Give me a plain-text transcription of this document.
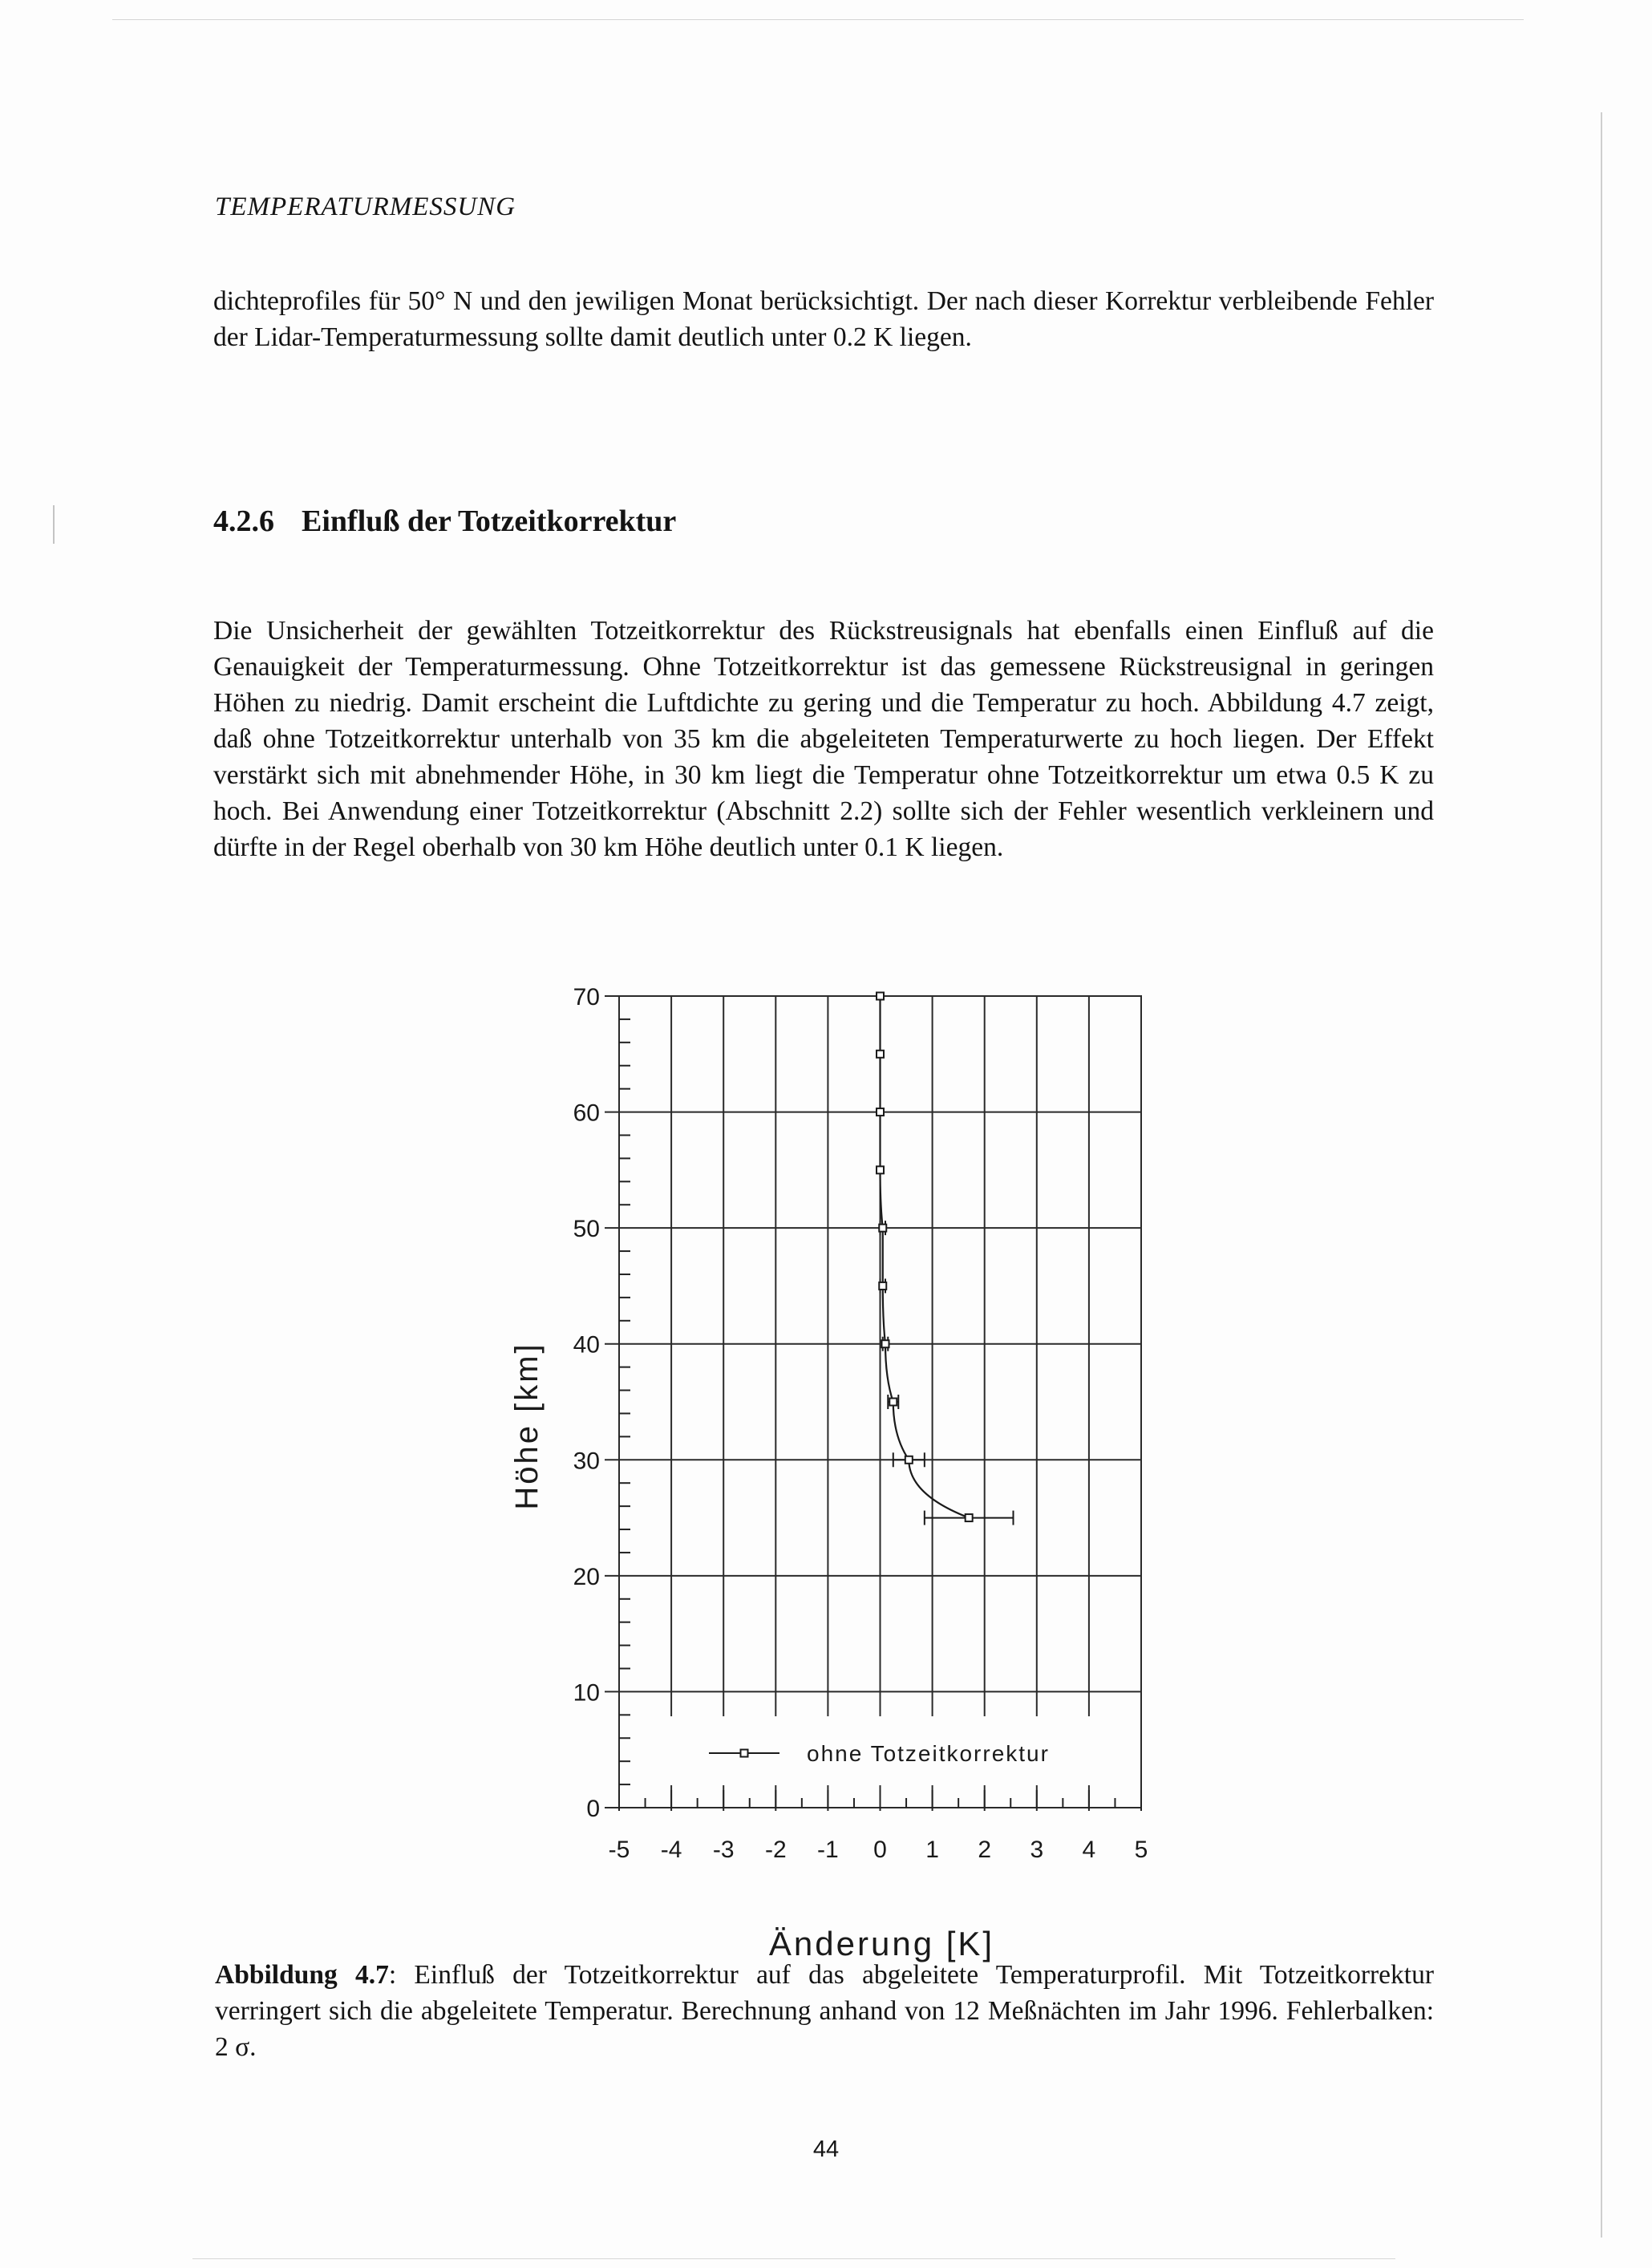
TEMPERATURMESSUNG

dichteprofiles für 50° N und den jewiligen Monat berücksichtigt. Der nach dieser Korrektur verbleibende Fehler der Lidar-Temperaturmessung sollte damit deutlich unter 0.2 K liegen.

4.2.6 Einfluß der Totzeitkorrektur

Die Unsicherheit der gewählten Totzeitkorrektur des Rückstreusignals hat ebenfalls einen Einfluß auf die Genauigkeit der Temperaturmessung. Ohne Totzeitkorrektur ist das gemessene Rückstreusignal in geringen Höhen zu niedrig. Damit erscheint die Luftdichte zu gering und die Temperatur zu hoch. Abbildung 4.7 zeigt, daß ohne Totzeitkorrektur unterhalb von 35 km die abgeleiteten Temperaturwerte zu hoch liegen. Der Effekt verstärkt sich mit abnehmender Höhe, in 30 km liegt die Temperatur ohne Totzeitkorrektur um etwa 0.5 K zu hoch. Bei Anwendung einer Totzeitkorrektur (Abschnitt 2.2) sollte sich der Fehler wesentlich verkleinern und dürfte in der Regel oberhalb von 30 km Höhe deutlich unter 0.1 K liegen.

0
10
20
30
40
50
60
70
-5 -4 -3 -2 -1 0 1 2 3 4 5
ohne Totzeitkorrektur
Höhe [km]
Änderung [K]

Abbildung 4.7: Einfluß der Totzeitkorrektur auf das abgeleitete Temperaturprofil. Mit Totzeitkorrektur verringert sich die abgeleitete Temperatur. Berechnung anhand von 12 Meßnächten im Jahr 1996. Fehlerbalken: 2 σ.

44
